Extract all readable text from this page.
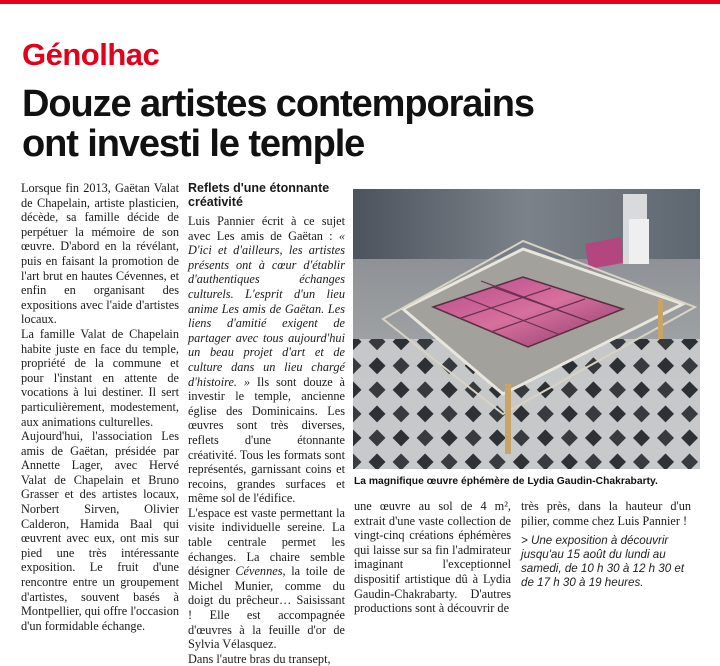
Génolhac
Douze artistes contemporains
ont investi le temple

Lorsque fin 2013, Gaëtan Valat de Chapelain, artiste plasticien, décède, sa famille décide de perpétuer la mémoire de son œuvre. D'abord en la révélant, puis en faisant la promotion de l'art brut en hautes Cévennes, et enfin en organisant des expositions avec l'aide d'artistes locaux.

La famille Valat de Chapelain habite juste en face du temple, propriété de la commune et pour l'instant en attente de vocations à lui destiner. Il sert particulièrement, modestement, aux animations culturelles.

Aujourd'hui, l'association Les amis de Gaëtan, présidée par Annette Lager, avec Hervé Valat de Chapelain et Bruno Grasser et des artistes locaux, Norbert Sirven, Olivier Calderon, Hamida Baal qui œuvrent avec eux, ont mis sur pied une très intéressante exposition. Le fruit d'une rencontre entre un groupement d'artistes, souvent basés à Montpellier, qui offre l'occasion d'un formidable échange.

Reflets d'une étonnante créativité

Luis Pannier écrit à ce sujet avec Les amis de Gaëtan : « D'ici et d'ailleurs, les artistes présents ont à cœur d'établir d'authentiques échanges culturels. L'esprit d'un lieu anime Les amis de Gaëtan. Les liens d'amitié exigent de partager avec tous aujourd'hui un beau projet d'art et de culture dans un lieu chargé d'histoire. » Ils sont douze à investir le temple, ancienne église des Dominicains. Les œuvres sont très diverses, reflets d'une étonnante créativité. Tous les formats sont représentés, garnissant coins et recoins, grandes surfaces et même sol de l'édifice.

L'espace est vaste permettant la visite individuelle sereine. La table centrale permet les échanges. La chaire semble désigner Cévennes, la toile de Michel Munier, comme du doigt du prêcheur… Saisissant ! Elle est accompagnée d'œuvres à la feuille d'or de Sylvia Vélasquez.

Dans l'autre bras du transept,

La magnifique œuvre éphémère de Lydia Gaudin-Chakrabarty.

une œuvre au sol de 4 m², extrait d'une vaste collection de vingt-cinq créations éphémères qui laisse sur sa fin l'admirateur imaginant l'exceptionnel dispositif artistique dû à Lydia Gaudin-Chakrabarty. D'autres productions sont à découvrir de

très près, dans la hauteur d'un pilier, comme chez Luis Pannier !

> Une exposition à découvrir jusqu'au 15 août du lundi au samedi, de 10 h 30 à 12 h 30 et de 17 h 30 à 19 heures.
